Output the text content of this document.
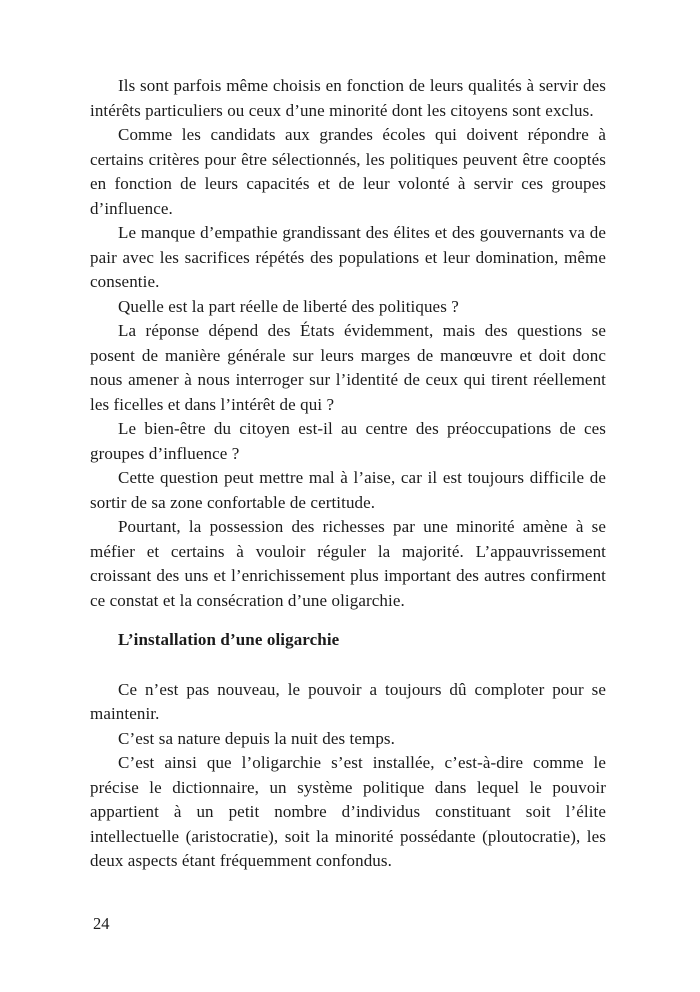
Ils sont parfois même choisis en fonction de leurs qualités à servir des intérêts particuliers ou ceux d’une minorité dont les citoyens sont exclus.

Comme les candidats aux grandes écoles qui doivent répondre à certains critères pour être sélectionnés, les politiques peuvent être cooptés en fonction de leurs capacités et de leur volonté à servir ces groupes d’influence.

Le manque d’empathie grandissant des élites et des gouvernants va de pair avec les sacrifices répétés des populations et leur domination, même consentie.

Quelle est la part réelle de liberté des politiques ?

La réponse dépend des États évidemment, mais des questions se posent de manière générale sur leurs marges de manœuvre et doit donc nous amener à nous interroger sur l’identité de ceux qui tirent réellement les ficelles et dans l’intérêt de qui ?

Le bien-être du citoyen est-il au centre des préoccupations de ces groupes d’influence ?

Cette question peut mettre mal à l’aise, car il est toujours difficile de sortir de sa zone confortable de certitude.

Pourtant, la possession des richesses par une minorité amène à se méfier et certains à vouloir réguler la majorité. L’appauvrissement croissant des uns et l’enrichissement plus important des autres confirment ce constat et la consécration d’une oligarchie.

L’installation d’une oligarchie

Ce n’est pas nouveau, le pouvoir a toujours dû comploter pour se maintenir.

C’est sa nature depuis la nuit des temps.

C’est ainsi que l’oligarchie s’est installée, c’est-à-dire comme le précise le dictionnaire, un système politique dans lequel le pouvoir appartient à un petit nombre d’individus constituant soit l’élite intellectuelle (aristocratie), soit la minorité possédante (ploutocratie), les deux aspects étant fréquemment confondus.

24
